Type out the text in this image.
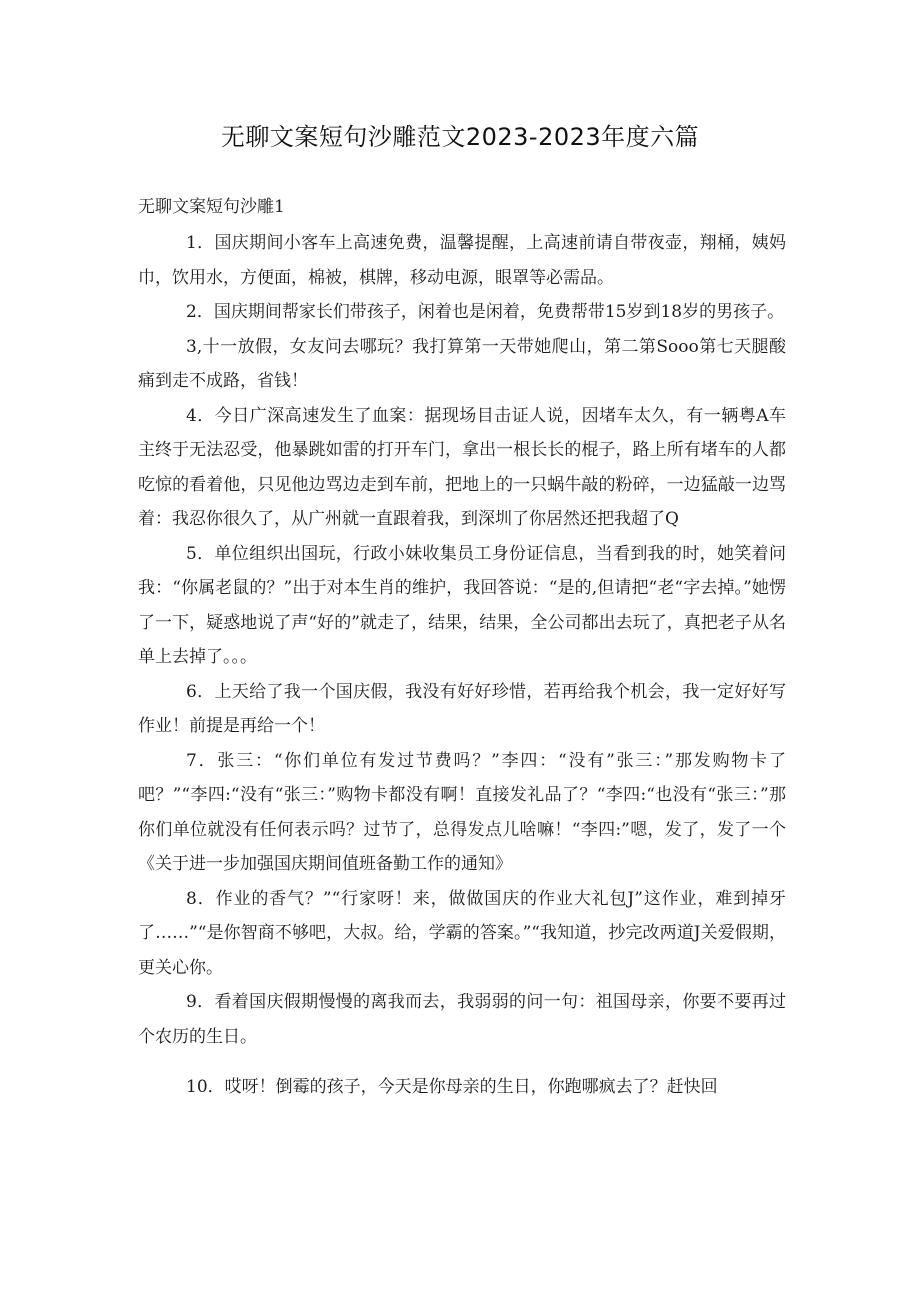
无聊文案短句沙雕范文2023-2023年度六篇
无聊文案短句沙雕1

1．国庆期间小客车上高速免费，温馨提醒，上高速前请自带夜壶，翔桶，姨妈巾，饮用水，方便面，棉被，棋牌，移动电源，眼罩等必需品。

2．国庆期间帮家长们带孩子，闲着也是闲着，免费帮带15岁到18岁的男孩子。

3,十一放假，女友问去哪玩？我打算第一天带她爬山，第二第Sooo第七天腿酸痛到走不成路，省钱！

4．今日广深高速发生了血案：据现场目击证人说，因堵车太久，有一辆粤A车主终于无法忍受，他暴跳如雷的打开车门，拿出一根长长的棍子，路上所有堵车的人都吃惊的看着他，只见他边骂边走到车前，把地上的一只蜗牛敲的粉碎，一边猛敲一边骂着：我忍你很久了，从广州就一直跟着我，到深圳了你居然还把我超了Q

5．单位组织出国玩，行政小妹收集员工身份证信息，当看到我的时，她笑着问我：“你属老鼠的？”出于对本生肖的维护，我回答说：“是的,但请把“老“字去掉。”她愣了一下，疑惑地说了声“好的”就走了，结果，结果，全公司都出去玩了，真把老子从名单上去掉了。。。

6．上天给了我一个国庆假，我没有好好珍惜，若再给我个机会，我一定好好写作业！前提是再给一个！

7．张三：“你们单位有发过节费吗？”李四：“没有”张三：”那发购物卡了吧？”“李四:“没有“张三：”购物卡都没有啊！直接发礼品了？“李四:“也没有“张三：”那你们单位就没有任何表示吗？过节了，总得发点儿啥嘛！“李四:”嗯，发了，发了一个《关于进一步加强国庆期间值班备勤工作的通知》

8．作业的香气？”“行家呀！来，做做国庆的作业大礼包J”这作业，难到掉牙了……”“是你智商不够吧，大叔。给，学霸的答案。”“我知道，抄完改两道J关爱假期，更关心你。

9．看着国庆假期慢慢的离我而去，我弱弱的问一句：祖国母亲，你要不要再过个农历的生日。

10．哎呀！倒霉的孩子，今天是你母亲的生日，你跑哪疯去了？赶快回
